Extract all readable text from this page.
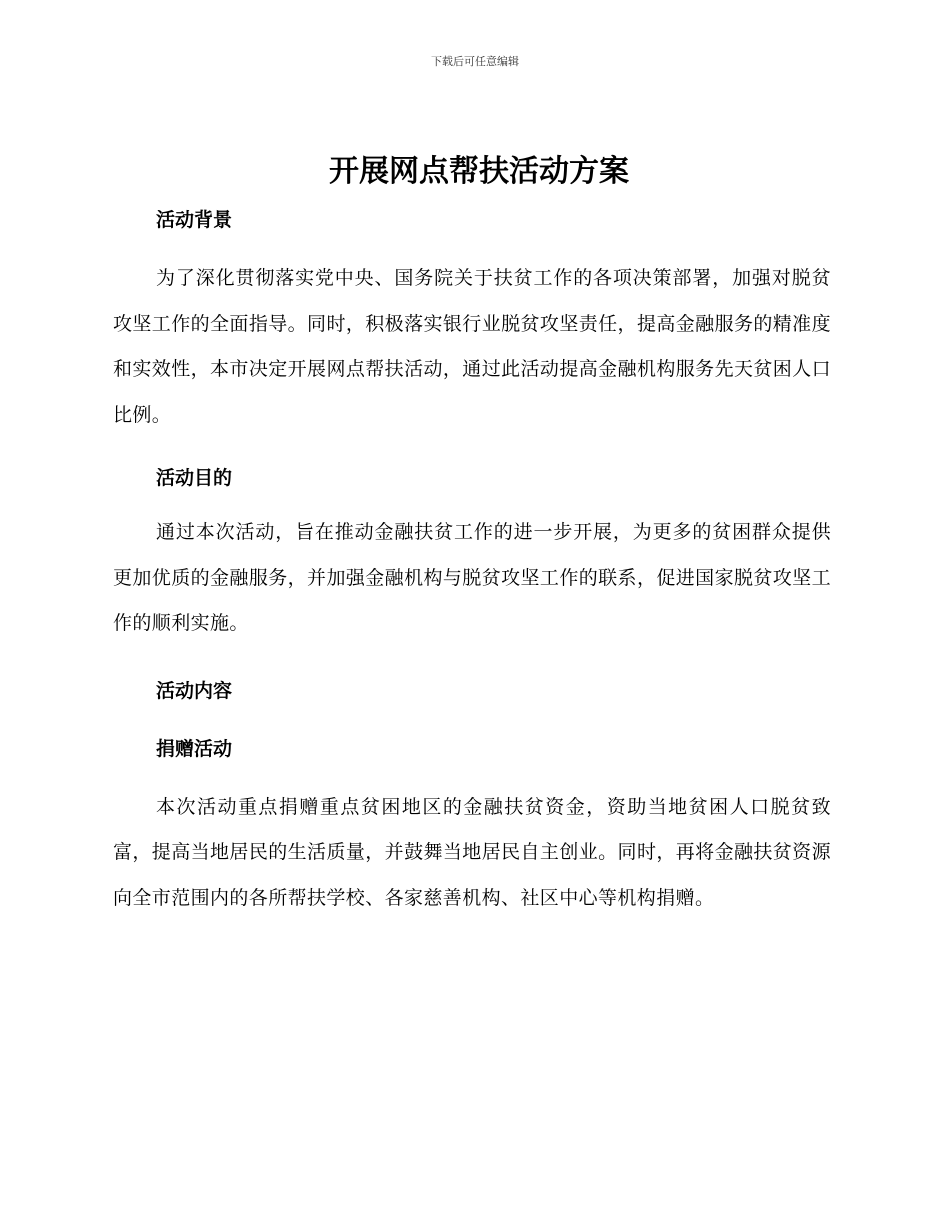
下载后可任意编辑
开展网点帮扶活动方案
活动背景

为了深化贯彻落实党中央、国务院关于扶贫工作的各项决策部署，加强对脱贫攻坚工作的全面指导。同时，积极落实银行业脱贫攻坚责任，提高金融服务的精准度和实效性，本市决定开展网点帮扶活动，通过此活动提高金融机构服务先天贫困人口比例。

活动目的

通过本次活动，旨在推动金融扶贫工作的进一步开展，为更多的贫困群众提供更加优质的金融服务，并加强金融机构与脱贫攻坚工作的联系，促进国家脱贫攻坚工作的顺利实施。

活动内容
捐赠活动

本次活动重点捐赠重点贫困地区的金融扶贫资金，资助当地贫困人口脱贫致富，提高当地居民的生活质量，并鼓舞当地居民自主创业。同时，再将金融扶贫资源向全市范围内的各所帮扶学校、各家慈善机构、社区中心等机构捐赠。
